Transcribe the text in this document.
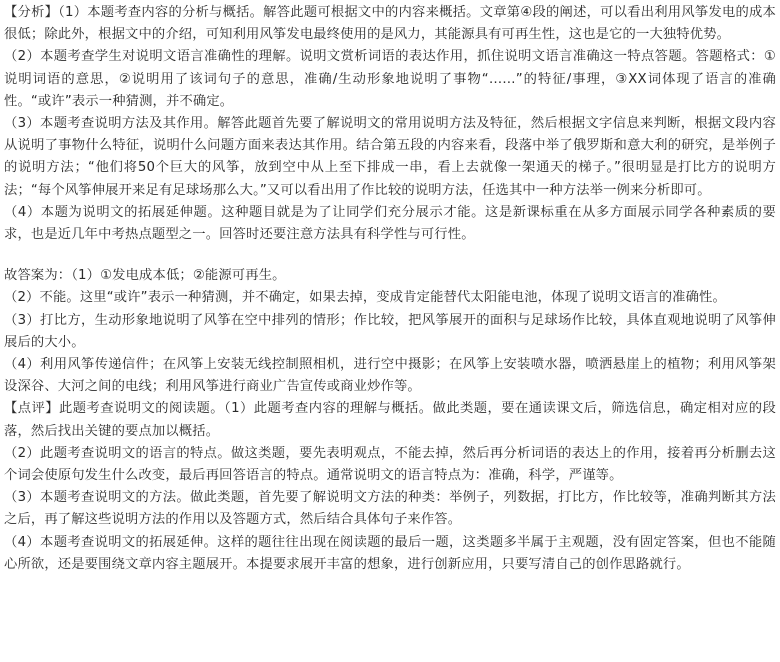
【分析】（1）本题考查内容的分析与概括。解答此题可根据文中的内容来概括。文章第④段的阐述，可以看出利用风筝发电的成本很低；除此外，根据文中的介绍，可知利用风筝发电最终使用的是风力，其能源具有可再生性，这也是它的一大独特优势。

（2）本题考查学生对说明文语言准确性的理解。说明文赏析词语的表达作用，抓住说明文语言准确这一特点答题。答题格式：①说明词语的意思，②说明用了该词句子的意思，准确/生动形象地说明了事物“……”的特征/事理，③XX词体现了语言的准确性。“或许”表示一种猜测，并不确定。

（3）本题考查说明方法及其作用。解答此题首先要了解说明文的常用说明方法及特征，然后根据文字信息来判断，根据文段内容从说明了事物什么特征，说明什么问题方面来表达其作用。结合第五段的内容来看，段落中举了俄罗斯和意大利的研究，是举例子的说明方法；“他们将50个巨大的风筝，放到空中从上至下排成一串，看上去就像一架通天的梯子。”很明显是打比方的说明方法；“每个风筝伸展开来足有足球场那么大。”又可以看出用了作比较的说明方法，任选其中一种方法举一例来分析即可。

（4）本题为说明文的拓展延伸题。这种题目就是为了让同学们充分展示才能。这是新课标重在从多方面展示同学各种素质的要求，也是近几年中考热点题型之一。回答时还要注意方法具有科学性与可行性。

故答案为：（1）①发电成本低；②能源可再生。

（2）不能。这里“或许”表示一种猜测，并不确定，如果去掉，变成肯定能替代太阳能电池，体现了说明文语言的准确性。

（3）打比方，生动形象地说明了风筝在空中排列的情形；作比较，把风筝展开的面积与足球场作比较，具体直观地说明了风筝伸展后的大小。

（4）利用风筝传递信件；在风筝上安装无线控制照相机，进行空中摄影；在风筝上安装喷水器，喷洒悬崖上的植物；利用风筝架设深谷、大河之间的电线；利用风筝进行商业广告宣传或商业炒作等。

【点评】此题考查说明文的阅读题。（1）此题考查内容的理解与概括。做此类题，要在通读课文后，筛选信息，确定相对应的段落，然后找出关键的要点加以概括。

（2）此题考查说明文的语言的特点。做这类题，要先表明观点，不能去掉，然后再分析词语的表达上的作用，接着再分析删去这个词会使原句发生什么改变，最后再回答语言的特点。通常说明文的语言特点为：准确，科学，严谨等。

（3）本题考查说明文的方法。做此类题，首先要了解说明文方法的种类：举例子，列数据，打比方，作比较等，准确判断其方法之后，再了解这些说明方法的作用以及答题方式，然后结合具体句子来作答。

（4）本题考查说明文的拓展延伸。这样的题往往出现在阅读题的最后一题，这类题多半属于主观题，没有固定答案，但也不能随心所欲，还是要围绕文章内容主题展开。本提要求展开丰富的想象，进行创新应用，只要写清自己的创作思路就行。
